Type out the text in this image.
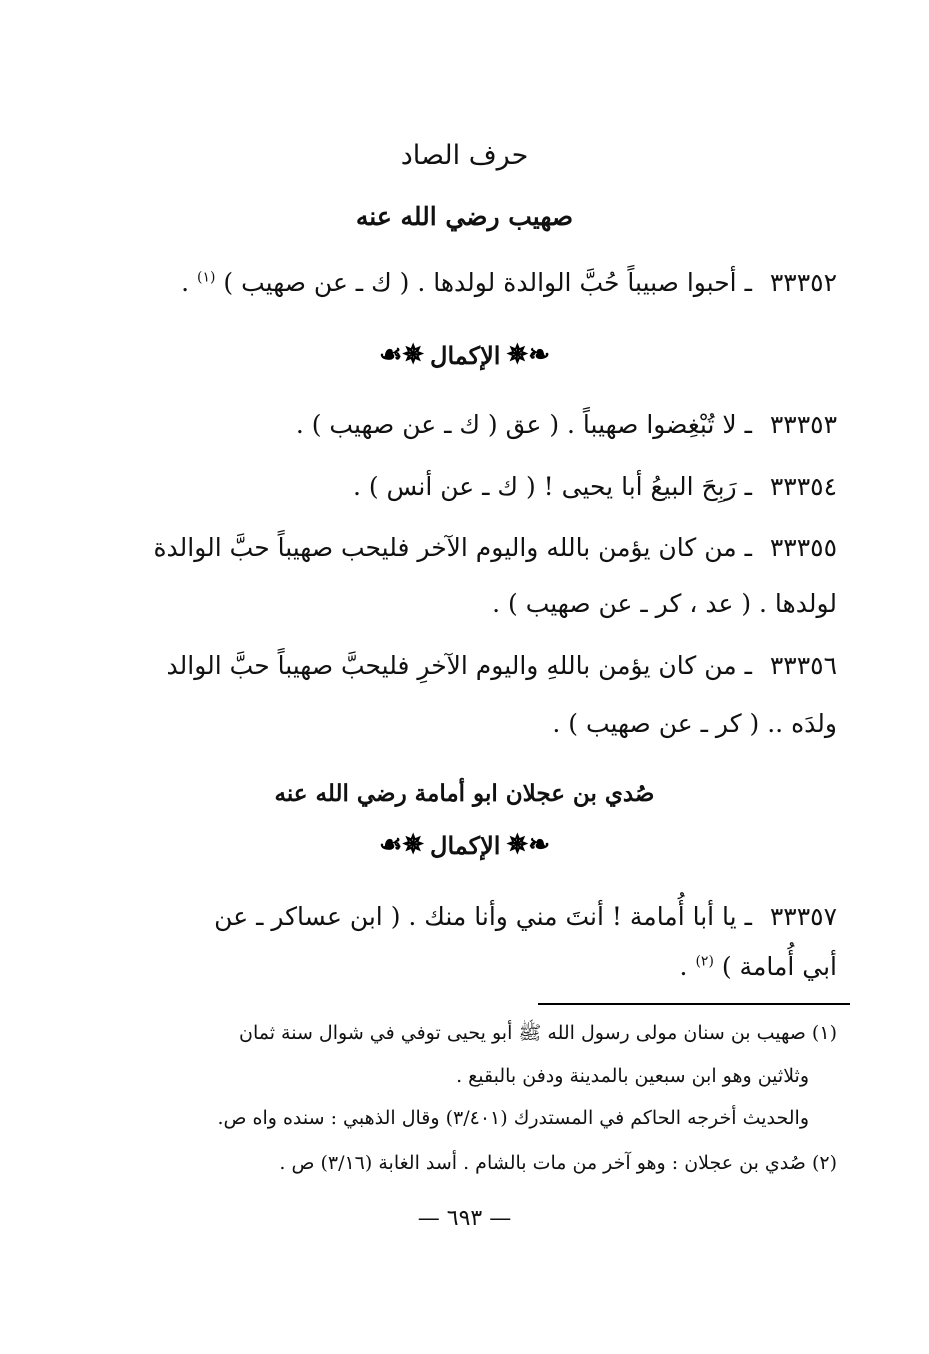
حرف الصاد
صهيب رضي الله عنه
٣٣٣٥٢ ـ أحبوا صبيباً حُبَّ الوالدة لولدها . ( ك ـ عن صهيب ) $^{(١)}$ .
☙✵ الإكمال ✵❧
٣٣٣٥٣ ـ لا تُبْغِضوا صهيباً . ( عق ( ك ـ عن صهيب ) .
٣٣٣٥٤ ـ رَبِحَ البيعُ أبا يحيى ! ( ك ـ عن أنس ) .
٣٣٣٥٥ ـ من كان يؤمن بالله واليوم الآخر فليحب صهيباً حبَّ الوالدة
لولدها . ( عد ، كر ـ عن صهيب ) .
٣٣٣٥٦ ـ من كان يؤمن باللهِ واليوم الآخرِ فليحبَّ صهيباً حبَّ الوالد
ولدَه .. ( كر ـ عن صهيب ) .
صُدي بن عجلان ابو أمامة رضي الله عنه
☙✵ الإكمال ✵❧
٣٣٣٥٧ ـ يا أبا أُمامة ! أنتَ مني وأنا منك . ( ابن عساكر ـ عن
أبي أُمامة ) $^{(٢)}$ .
(١) صهيب بن سنان مولى رسول الله ﷺ أبو يحيى توفي في شوال سنة ثمان
وثلاثين وهو ابن سبعين بالمدينة ودفن بالبقيع .
والحديث أخرجه الحاكم في المستدرك (٣/٤٠١) وقال الذهبي : سنده واه ص.
(٢) صُدي بن عجلان : وهو آخر من مات بالشام . أسد الغابة (٣/١٦) ص .
— ٦٩٣ —
